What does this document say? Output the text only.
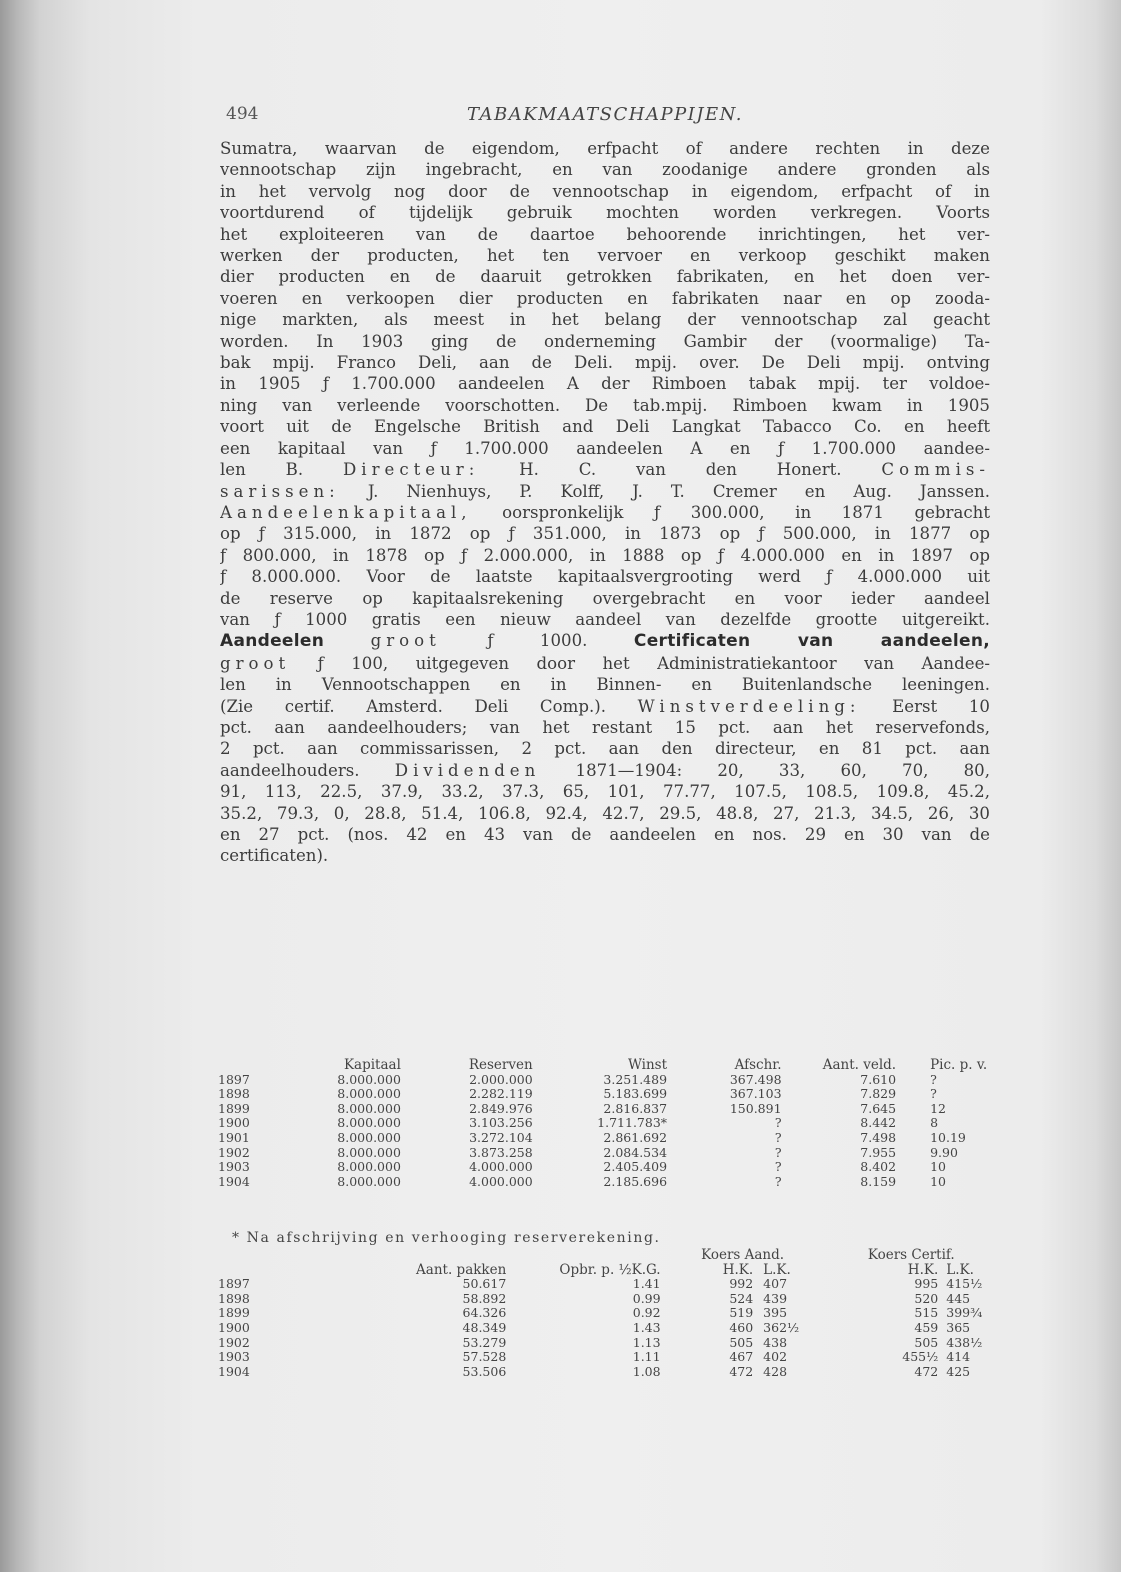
494	TABAKMAATSCHAPPIJEN.
Sumatra, waarvan de eigendom, erfpacht of andere rechten in deze
vennootschap zijn ingebracht, en van zoodanige andere gronden als
in het vervolg nog door de vennootschap in eigendom, erfpacht of in
voortdurend of tijdelijk gebruik mochten worden verkregen. Voorts
het exploiteeren van de daartoe behoorende inrichtingen, het ver-
werken der producten, het ten vervoer en verkoop geschikt maken
dier producten en de daaruit getrokken fabrikaten, en het doen ver-
voeren en verkoopen dier producten en fabrikaten naar en op zooda-
nige markten, als meest in het belang der vennootschap zal geacht
worden. In 1903 ging de onderneming Gambir der (voormalige) Ta-
bak mpij. Franco Deli, aan de Deli. mpij. over. De Deli mpij. ontving
in 1905 ƒ 1.700.000 aandeelen A der Rimboen tabak mpij. ter voldoe-
ning van verleende voorschotten. De tab.mpij. Rimboen kwam in 1905
voort uit de Engelsche British and Deli Langkat Tabacco Co. en heeft
een kapitaal van ƒ 1.700.000 aandeelen A en ƒ 1.700.000 aandee-
len B. Directeur: H. C. van den Honert. Commis-
sarissen: J. Nienhuys, P. Kolff, J. T. Cremer en Aug. Janssen.
Aandeelenkapitaal, oorspronkelijk ƒ 300.000, in 1871 gebracht
op ƒ 315.000, in 1872 op ƒ 351.000, in 1873 op ƒ 500.000, in 1877 op
ƒ 800.000, in 1878 op ƒ 2.000.000, in 1888 op ƒ 4.000.000 en in 1897 op
ƒ 8.000.000. Voor de laatste kapitaalsvergrooting werd ƒ 4.000.000 uit
de reserve op kapitaalsrekening overgebracht en voor ieder aandeel
van ƒ 1000 gratis een nieuw aandeel van dezelfde grootte uitgereikt.
Aandeelen	groot	ƒ 1000.	Certificaten van aandeelen,
groot ƒ 100, uitgegeven door het Administratiekantoor van Aandee-
len in Vennootschappen en in Binnen- en Buitenlandsche leeningen.
(Zie certif. Amsterd. Deli Comp.). Winstverdeeling: Eerst 10
pct. aan aandeelhouders; van het restant 15 pct. aan het reservefonds,
2 pct. aan commissarissen, 2 pct. aan den directeur, en 81 pct. aan
aandeelhouders. Dividenden 1871—1904: 20, 33, 60, 70, 80,
91, 113, 22.5, 37.9, 33.2, 37.3, 65, 101, 77.77, 107.5, 108.5, 109.8, 45.2,
35.2, 79.3, 0, 28.8, 51.4, 106.8, 92.4, 42.7, 29.5, 48.8, 27, 21.3, 34.5, 26, 30
en 27 pct. (nos. 42 en 43 van de aandeelen en nos. 29 en 30 van de
certificaten).
	Kapitaal	Reserven	Winst	Afschr.	Aant. veld.	Pic. p. v.
1897	8.000.000	2.000.000	3.251.489	367.498	7.610	?
1898	8.000.000	2.282.119	5.183.699	367.103	7.829	?
1899	8.000.000	2.849.976	2.816.837	150.891	7.645	12
1900	8.000.000	3.103.256	1.711.783*	?	8.442	8
1901	8.000.000	3.272.104	2.861.692	?	7.498	10.19
1902	8.000.000	3.873.258	2.084.534	?	7.955	9.90
1903	8.000.000	4.000.000	2.405.409	?	8.402	10
1904	8.000.000	4.000.000	2.185.696	?	8.159	10
* Na afschrijving en verhooging reserverekening.
			Koers Aand.		Koers Certif.	
	Aant. pakken	Opbr. p. ½K.G.	H.K.	L.K.	H.K.	L.K.
1897	50.617	1.41	992	407	995	415½
1898	58.892	0.99	524	439	520	445
1899	64.326	0.92	519	395	515	399¾
1900	48.349	1.43	460	362½	459	365
1902	53.279	1.13	505	438	505	438½
1903	57.528	1.11	467	402	455½	414
1904	53.506	1.08	472	428	472	425
